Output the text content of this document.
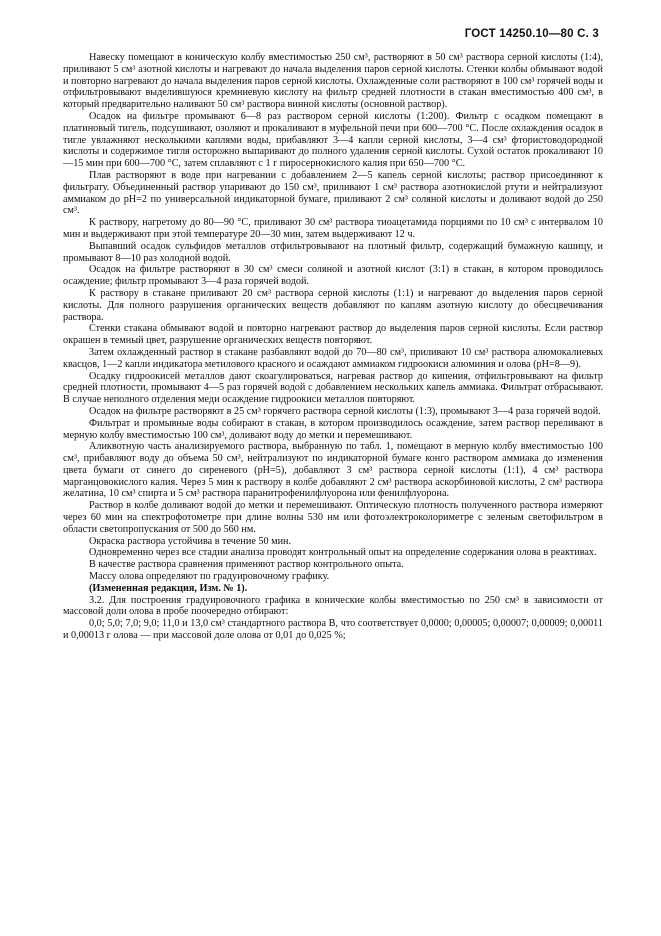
ГОСТ 14250.10—80 С. 3

Навеску помещают в коническую колбу вместимостью 250 см³, растворяют в 50 см³ раствора серной кислоты (1:4), приливают 5 см³ азотной кислоты и нагревают до начала выделения паров серной кислоты. Стенки колбы обмывают водой и повторно нагревают до начала выделения паров серной кислоты. Охлажденные соли растворяют в 100 см³ горячей воды и отфильтровывают выделившуюся кремниевую кислоту на фильтр средней плотности в стакан вместимостью 400 см³, в который предварительно наливают 50 см³ раствора винной кислоты (основной раствор).

Осадок на фильтре промывают 6—8 раз раствором серной кислоты (1:200). Фильтр с осадком помещают в платиновый тигель, подсушивают, озоляют и прокаливают в муфельной печи при 600—700 °С. После охлаждения осадок в тигле увлажняют несколькими каплями воды, прибавляют 3—4 капли серной кислоты, 3—4 см³ фтористоводородной кислоты и содержимое тигля осторожно выпаривают до полного удаления серной кислоты. Сухой остаток прокаливают 10—15 мин при 600—700 °С, затем сплавляют с 1 г пиросернокислого калия при 650—700 °С.

Плав растворяют в воде при нагревании с добавлением 2—5 капель серной кислоты; раствор присоединяют к фильтрату. Объединенный раствор упаривают до 150 см³, приливают 1 см³ раствора азотнокислой ртути и нейтрализуют аммиаком до рН=2 по универсальной индикаторной бумаге, приливают 2 см³ соляной кислоты и доливают водой до 250 см³.

К раствору, нагретому до 80—90 °С, приливают 30 см³ раствора тиоацетамида порциями по 10 см³ с интервалом 10 мин и выдерживают при этой температуре 20—30 мин, затем выдерживают 12 ч.

Выпавший осадок сульфидов металлов отфильтровывают на плотный фильтр, содержащий бумажную кашицу, и промывают 8—10 раз холодной водой.

Осадок на фильтре растворяют в 30 см³ смеси соляной и азотной кислот (3:1) в стакан, в котором проводилось осаждение; фильтр промывают 3—4 раза горячей водой.

К раствору в стакане приливают 20 см³ раствора серной кислоты (1:1) и нагревают до выделения паров серной кислоты. Для полного разрушения органических веществ добавляют по каплям азотную кислоту до обесцвечивания раствора.

Стенки стакана обмывают водой и повторно нагревают раствор до выделения паров серной кислоты. Если раствор окрашен в темный цвет, разрушение органических веществ повторяют.

Затем охлажденный раствор в стакане разбавляют водой до 70—80 см³, приливают 10 см³ раствора алюмокалиевых квасцов, 1—2 капли индикатора метилового красного и осаждают аммиаком гидроокиси алюминия и олова (рН=8—9).

Осадку гидроокисей металлов дают скоагулироваться, нагревая раствор до кипения, отфильтровывают на фильтр средней плотности, промывают 4—5 раз горячей водой с добавлением нескольких капель аммиака. Фильтрат отбрасывают. В случае неполного отделения меди осаждение гидроокиси металлов повторяют.

Осадок на фильтре растворяют в 25 см³ горячего раствора серной кислоты (1:3), промывают 3—4 раза горячей водой.

Фильтрат и промывные воды собирают в стакан, в котором производилось осаждение, затем раствор переливают в мерную колбу вместимостью 100 см³, доливают воду до метки и перемешивают.

Аликвотную часть анализируемого раствора, выбранную по табл. 1, помещают в мерную колбу вместимостью 100 см³, прибавляют воду до объема 50 см³, нейтрализуют по индикаторной бумаге конго раствором аммиака до изменения цвета бумаги от синего до сиреневого (рН=5), добавляют 3 см³ раствора серной кислоты (1:1), 4 см³ раствора марганцовокислого калия. Через 5 мин к раствору в колбе добавляют 2 см³ раствора аскорбиновой кислоты, 2 см³ раствора желатина, 10 см³ спирта и 5 см³ раствора паранитрофенилфлуорона или фенилфлуорона.

Раствор в колбе доливают водой до метки и перемешивают. Оптическую плотность полученного раствора измеряют через 60 мин на спектрофотометре при длине волны 530 нм или фотоэлектроколориметре с зеленым светофильтром в области светопропускания от 500 до 560 нм.

Окраска раствора устойчива в течение 50 мин.

Одновременно через все стадии анализа проводят контрольный опыт на определение содержания олова в реактивах.

В качестве раствора сравнения применяют раствор контрольного опыта.

Массу олова определяют по градуировочному графику.

(Измененная редакция, Изм. № 1).

3.2. Для построения градуировочного графика в конические колбы вместимостью по 250 см³ в зависимости от массовой доли олова в пробе поочередно отбирают:

0,0; 5,0; 7,0; 9,0; 11,0 и 13,0 см³ стандартного раствора В, что соответствует 0,0000; 0,00005; 0,00007; 0,00009; 0,00011 и 0,00013 г олова — при массовой доле олова от 0,01 до 0,025 %;
